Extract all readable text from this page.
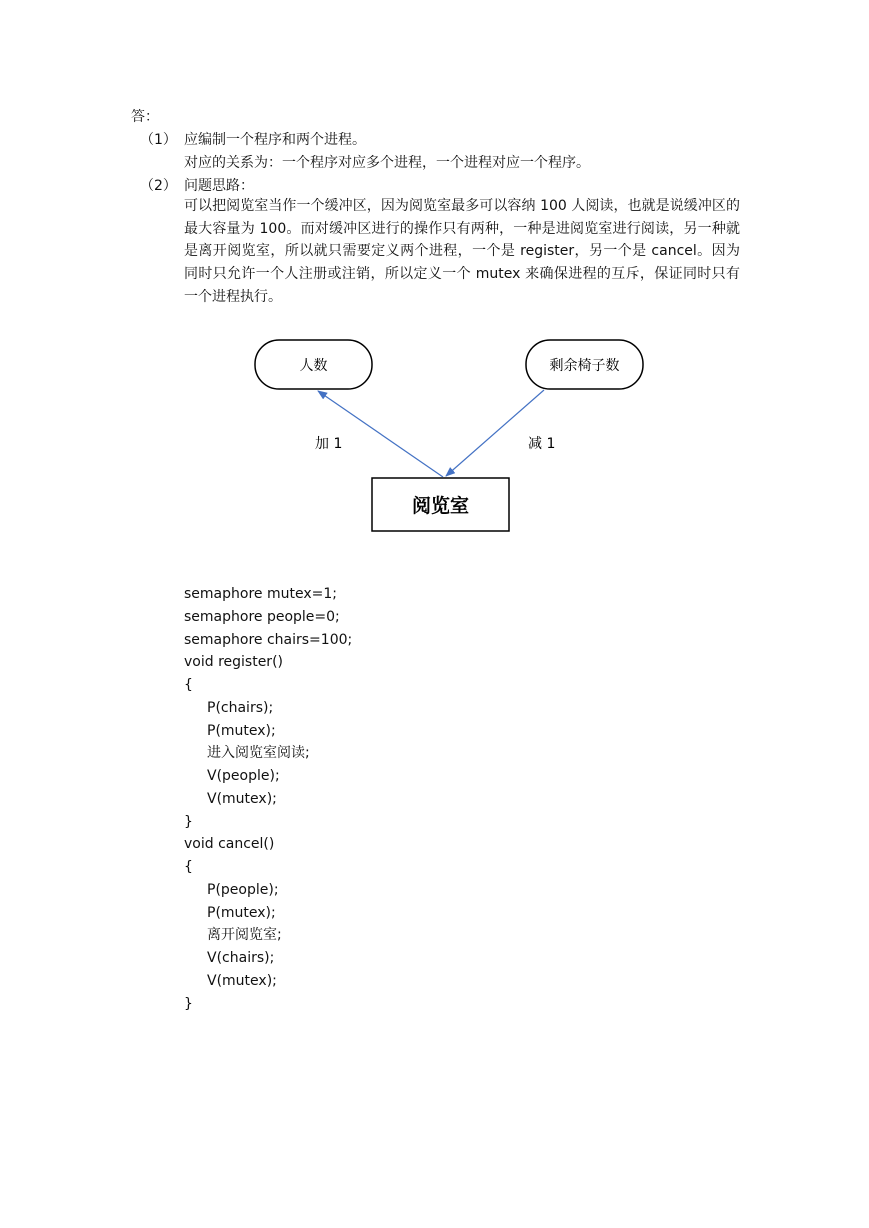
答：
（1） 应编制一个程序和两个进程。
对应的关系为：一个程序对应多个进程，一个进程对应一个程序。
（2） 问题思路：
可以把阅览室当作一个缓冲区，因为阅览室最多可以容纳 100 人阅读，也就是说缓冲区的最大容量为 100。而对缓冲区进行的操作只有两种，一种是进阅览室进行阅读，另一种就是离开阅览室，所以就只需要定义两个进程，一个是 register，另一个是 cancel。因为同时只允许一个人注册或注销，所以定义一个 mutex 来确保进程的互斥，保证同时只有一个进程执行。
人数	剩余椅子数
阅览室
加 1	减 1
semaphore mutex=1;
semaphore people=0;
semaphore chairs=100;
void register()
{
P(chairs);
P(mutex);
进入阅览室阅读;
V(people);
V(mutex);
}
void cancel()
{
P(people);
P(mutex);
离开阅览室;
V(chairs);
V(mutex);
}
